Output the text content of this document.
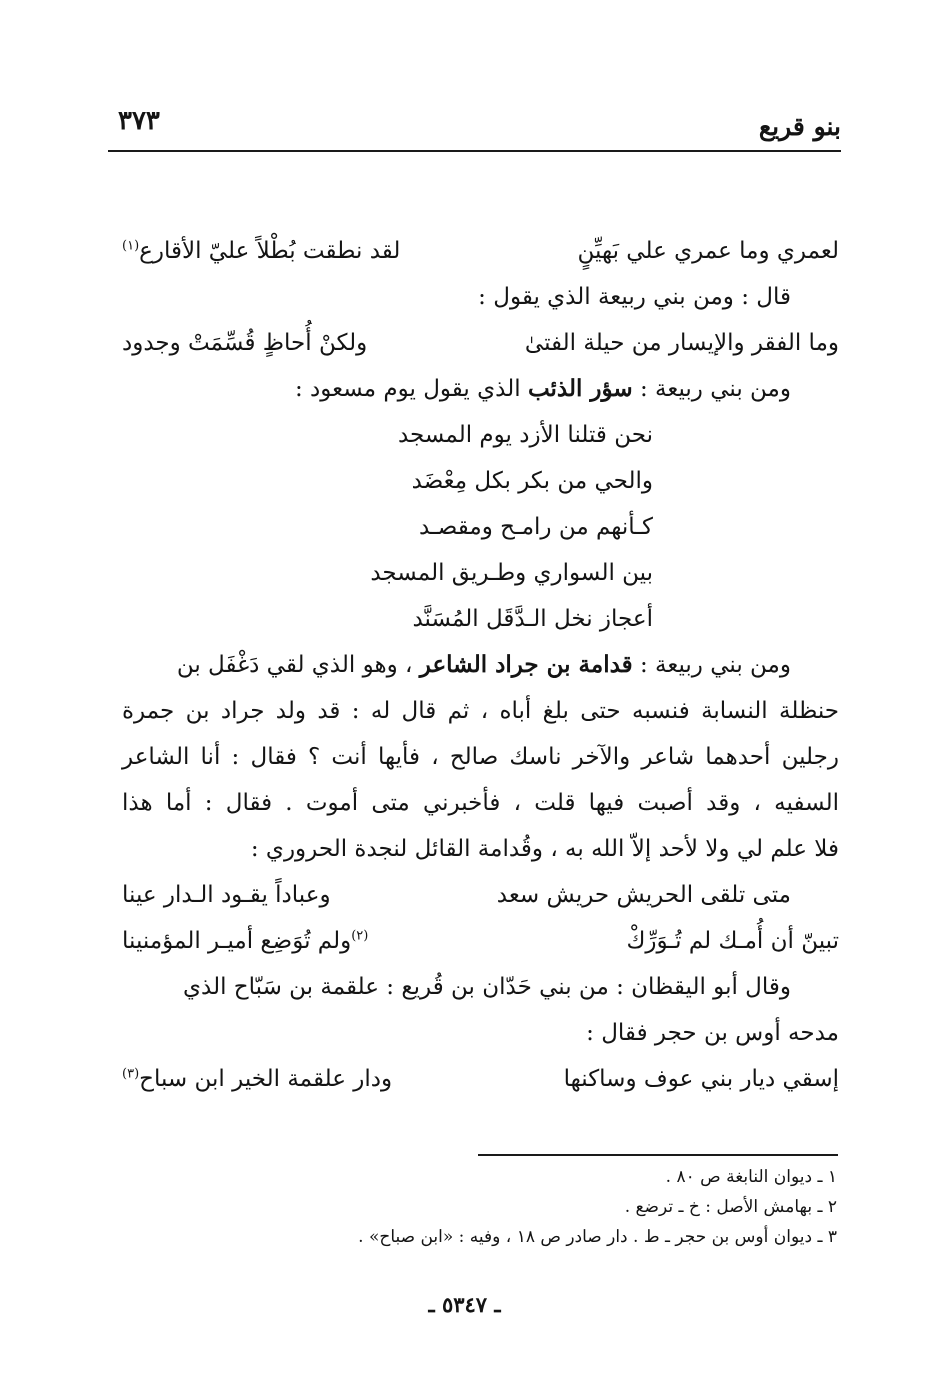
بنو قريع
٣٧٣
لعمري وما عمري علي بَهيِّنٍ
لقد نطقت بُطْلاً عليّ الأقارع$^{(١)}$
قال : ومن بني ربيعة الذي يقول :
وما الفقر والإيسار من حيلة الفتىٰ
ولكنْ أُحاظٍ قُسِّمَتْ وجدود
ومن بني ربيعة : سؤر الذئب الذي يقول يوم مسعود :
نحن قتلنا الأزد يوم المسجد
والحي من بكر بكل مِعْضَد
كـأنهم من رامـح ومقصـد
بين السواري وطـريق المسجد
أعجاز نخل الـدَّقَل المُسَنَّد
ومن بني ربيعة : قدامة بن جراد الشاعر ، وهو الذي لقي دَغْفَل بن
حنظلة النسابة فنسبه حتى بلغ أباه ، ثم قال له : قد ولد جراد بن جمرة
رجلين أحدهما شاعر والآخر ناسك صالح ، فأيها أنت ؟ فقال : أنا الشاعر
السفيه ، وقد أصبت فيها قلت ، فأخبرني متى أموت . فقال : أما هذا
فلا علم لي ولا لأحد إلاّ الله به ، وقُدامة القائل لنجدة الحروري :
متى تلقى الحريش حريش سعد
وعباداً يقـود الـدار عينا
تبينّ أن أُمـك لم تُـوَرِّكْ
$^{(٢)}$ولم تُوَضِع أميـر المؤمنينا
وقال أبو اليقظان : من بني حَدّان بن قُريع : علقمة بن سَبّاح الذي
مدحه أوس بن حجر فقال :
إسقي ديار بني عوف وساكنها
ودار علقمة الخير ابن سباح$^{(٣)}$
١ ـ ديوان النابغة ص ٨٠ .
٢ ـ بهامش الأصل : خ ـ ترضع .
٣ ـ ديوان أوس بن حجر ـ ط . دار صادر ص ١٨ ، وفيه : «ابن صباح» .
ـ ٥٣٤٧ ـ
